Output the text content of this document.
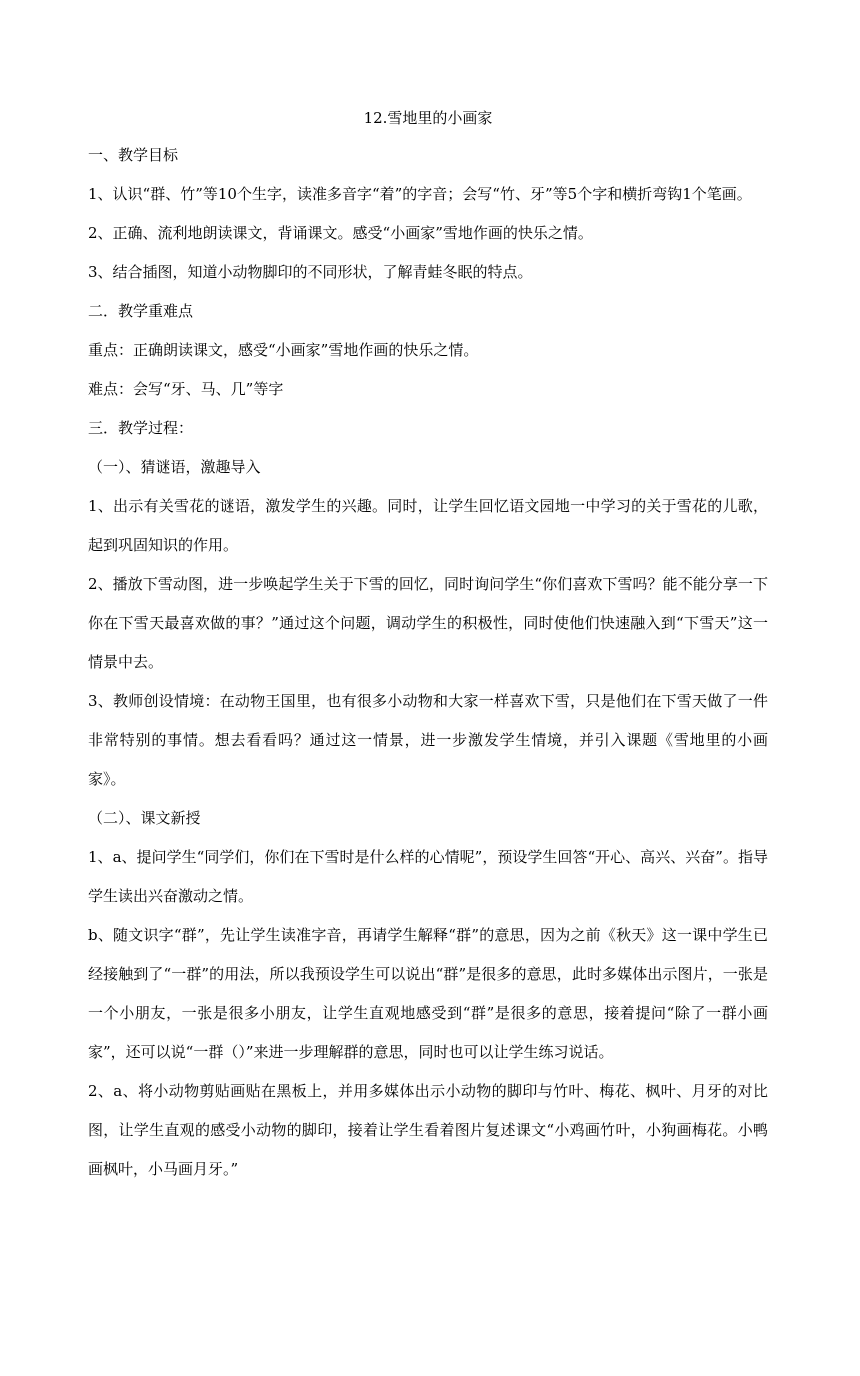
12.雪地里的小画家

一、教学目标

1、认识“群、竹”等10个生字，读准多音字“着”的字音；会写“竹、牙”等5个字和横折弯钩1个笔画。

2、正确、流利地朗读课文，背诵课文。感受“小画家”雪地作画的快乐之情。

3、结合插图，知道小动物脚印的不同形状，了解青蛙冬眠的特点。

二．教学重难点

重点：正确朗读课文，感受“小画家”雪地作画的快乐之情。

难点：会写“牙、马、几”等字

三．教学过程：

（一）、猜谜语，激趣导入

1、出示有关雪花的谜语，激发学生的兴趣。同时，让学生回忆语文园地一中学习的关于雪花的儿歌，起到巩固知识的作用。

2、播放下雪动图，进一步唤起学生关于下雪的回忆，同时询问学生“你们喜欢下雪吗？能不能分享一下你在下雪天最喜欢做的事？”通过这个问题，调动学生的积极性，同时使他们快速融入到“下雪天”这一情景中去。

3、教师创设情境：在动物王国里，也有很多小动物和大家一样喜欢下雪，只是他们在下雪天做了一件非常特别的事情。想去看看吗？通过这一情景，进一步激发学生情境，并引入课题《雪地里的小画家》。

（二）、课文新授

1、a、提问学生“同学们，你们在下雪时是什么样的心情呢”，预设学生回答“开心、高兴、兴奋”。指导学生读出兴奋激动之情。

b、随文识字“群”，先让学生读准字音，再请学生解释“群”的意思，因为之前《秋天》这一课中学生已经接触到了“一群”的用法，所以我预设学生可以说出“群”是很多的意思，此时多媒体出示图片，一张是一个小朋友，一张是很多小朋友，让学生直观地感受到“群”是很多的意思，接着提问“除了一群小画家”，还可以说“一群（）”来进一步理解群的意思，同时也可以让学生练习说话。

2、a、将小动物剪贴画贴在黑板上，并用多媒体出示小动物的脚印与竹叶、梅花、枫叶、月牙的对比图，让学生直观的感受小动物的脚印，接着让学生看着图片复述课文“小鸡画竹叶，小狗画梅花。小鸭画枫叶，小马画月牙。”
